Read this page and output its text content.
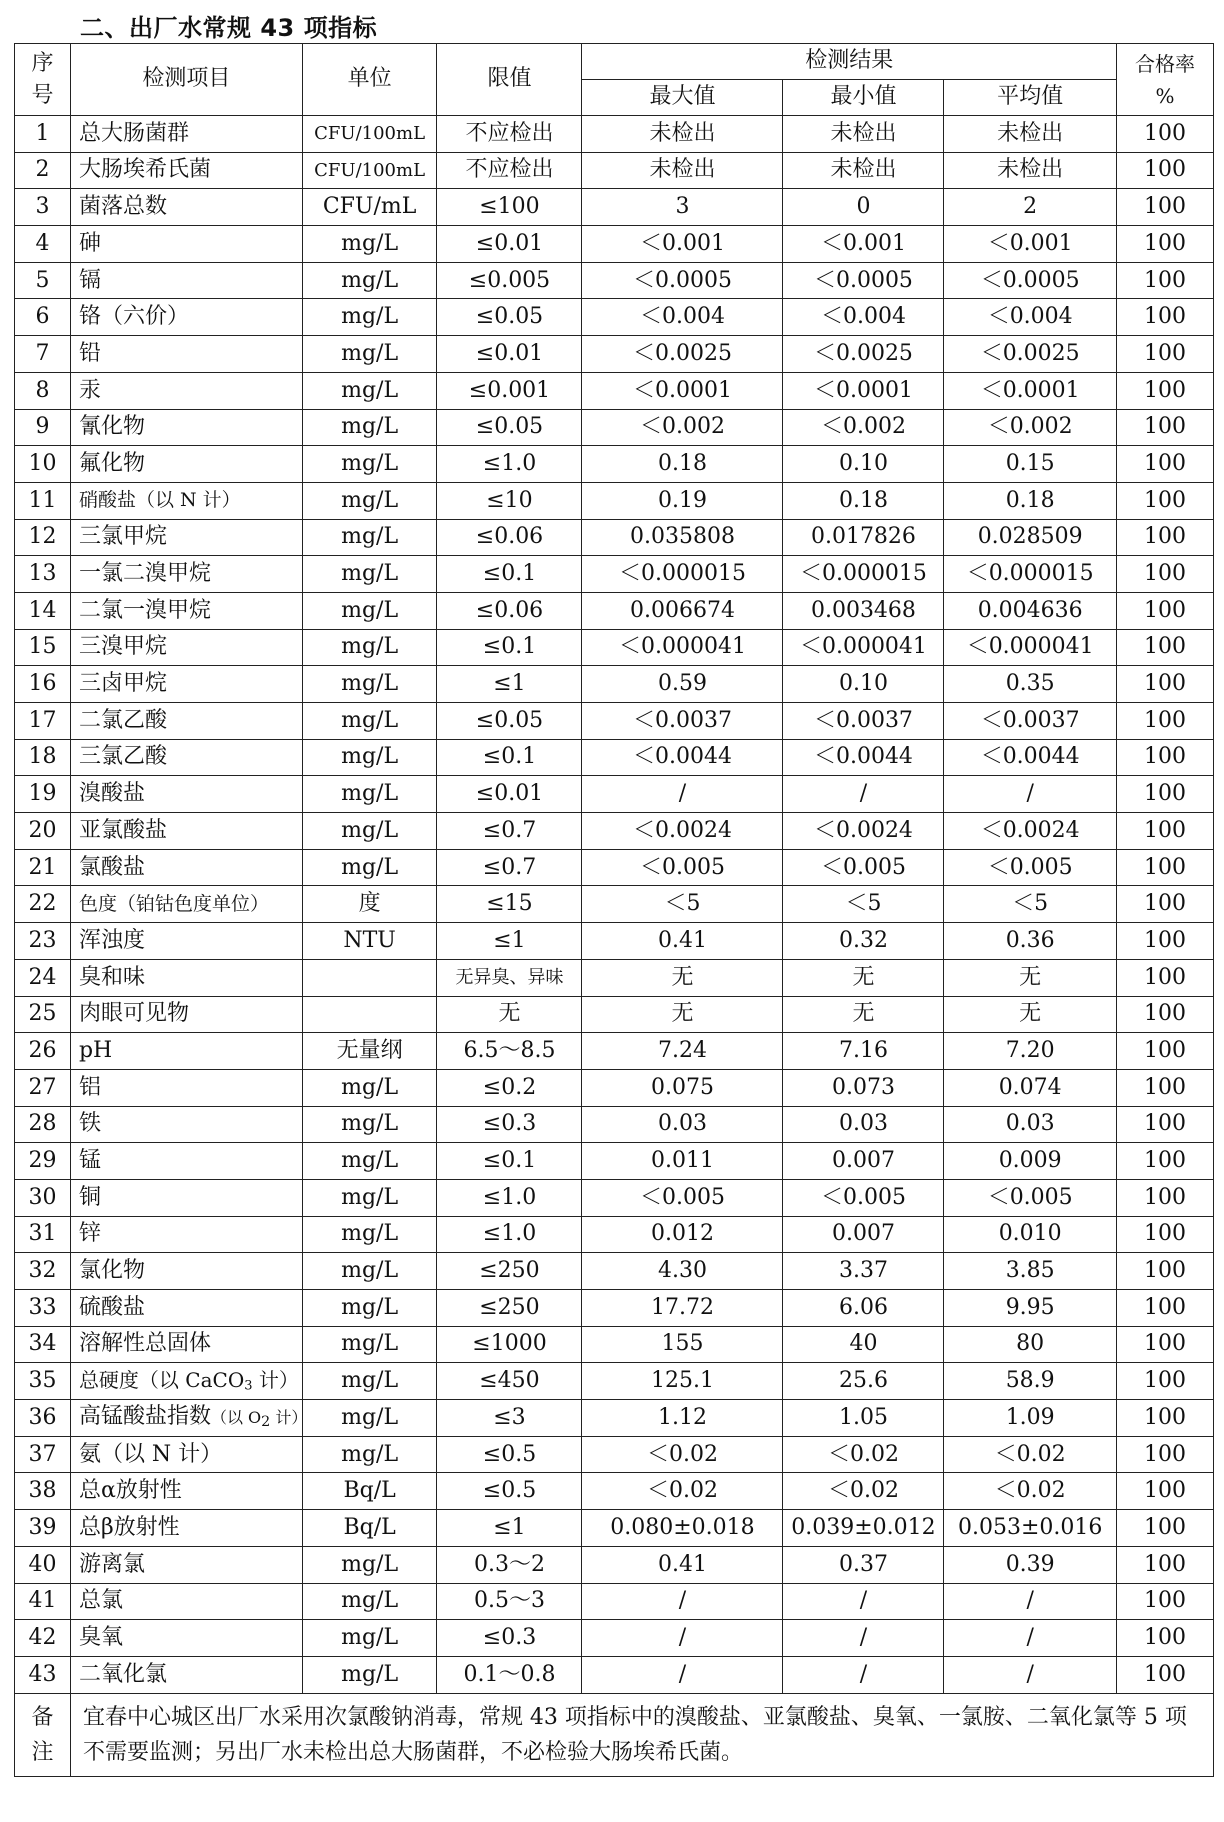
二、出厂水常规 43 项指标
序
号	检测项目	单位	限值	检测结果			合格率
%
				最大值	最小值	平均值	
1	总大肠菌群	CFU/100mL	不应检出	未检出	未检出	未检出	100
2	大肠埃希氏菌	CFU/100mL	不应检出	未检出	未检出	未检出	100
3	菌落总数	CFU/mL	≤100	3	0	2	100
4	砷	mg/L	≤0.01	＜0.001	＜0.001	＜0.001	100
5	镉	mg/L	≤0.005	＜0.0005	＜0.0005	＜0.0005	100
6	铬（六价）	mg/L	≤0.05	＜0.004	＜0.004	＜0.004	100
7	铅	mg/L	≤0.01	＜0.0025	＜0.0025	＜0.0025	100
8	汞	mg/L	≤0.001	＜0.0001	＜0.0001	＜0.0001	100
9	氰化物	mg/L	≤0.05	＜0.002	＜0.002	＜0.002	100
10	氟化物	mg/L	≤1.0	0.18	0.10	0.15	100
11	硝酸盐（以 N 计）	mg/L	≤10	0.19	0.18	0.18	100
12	三氯甲烷	mg/L	≤0.06	0.035808	0.017826	0.028509	100
13	一氯二溴甲烷	mg/L	≤0.1	＜0.000015	＜0.000015	＜0.000015	100
14	二氯一溴甲烷	mg/L	≤0.06	0.006674	0.003468	0.004636	100
15	三溴甲烷	mg/L	≤0.1	＜0.000041	＜0.000041	＜0.000041	100
16	三卤甲烷	mg/L	≤1	0.59	0.10	0.35	100
17	二氯乙酸	mg/L	≤0.05	＜0.0037	＜0.0037	＜0.0037	100
18	三氯乙酸	mg/L	≤0.1	＜0.0044	＜0.0044	＜0.0044	100
19	溴酸盐	mg/L	≤0.01	/	/	/	100
20	亚氯酸盐	mg/L	≤0.7	＜0.0024	＜0.0024	＜0.0024	100
21	氯酸盐	mg/L	≤0.7	＜0.005	＜0.005	＜0.005	100
22	色度（铂钴色度单位）	度	≤15	＜5	＜5	＜5	100
23	浑浊度	NTU	≤1	0.41	0.32	0.36	100
24	臭和味		无异臭、异味	无	无	无	100
25	肉眼可见物		无	无	无	无	100
26	pH	无量纲	6.5～8.5	7.24	7.16	7.20	100
27	铝	mg/L	≤0.2	0.075	0.073	0.074	100
28	铁	mg/L	≤0.3	0.03	0.03	0.03	100
29	锰	mg/L	≤0.1	0.011	0.007	0.009	100
30	铜	mg/L	≤1.0	＜0.005	＜0.005	＜0.005	100
31	锌	mg/L	≤1.0	0.012	0.007	0.010	100
32	氯化物	mg/L	≤250	4.30	3.37	3.85	100
33	硫酸盐	mg/L	≤250	17.72	6.06	9.95	100
34	溶解性总固体	mg/L	≤1000	155	40	80	100
35	总硬度（以 CaCO$_3$ 计）	mg/L	≤450	125.1	25.6	58.9	100
36	高锰酸盐指数（以 $O_2$ 计）	mg/L	≤3	1.12	1.05	1.09	100
37	氨（以 N 计）	mg/L	≤0.5	＜0.02	＜0.02	＜0.02	100
38	总α放射性	Bq/L	≤0.5	＜0.02	＜0.02	＜0.02	100
39	总β放射性	Bq/L	≤1	0.080±0.018	0.039±0.012	0.053±0.016	100
40	游离氯	mg/L	0.3～2	0.41	0.37	0.39	100
41	总氯	mg/L	0.5～3	/	/	/	100
42	臭氧	mg/L	≤0.3	/	/	/	100
43	二氧化氯	mg/L	0.1～0.8	/	/	/	100
备
注	宜春中心城区出厂水采用次氯酸钠消毒，常规 43 项指标中的溴酸盐、亚氯酸盐、臭氧、一氯胺、二氧化氯等 5 项不需要监测；另出厂水未检出总大肠菌群，不必检验大肠埃希氏菌。						
